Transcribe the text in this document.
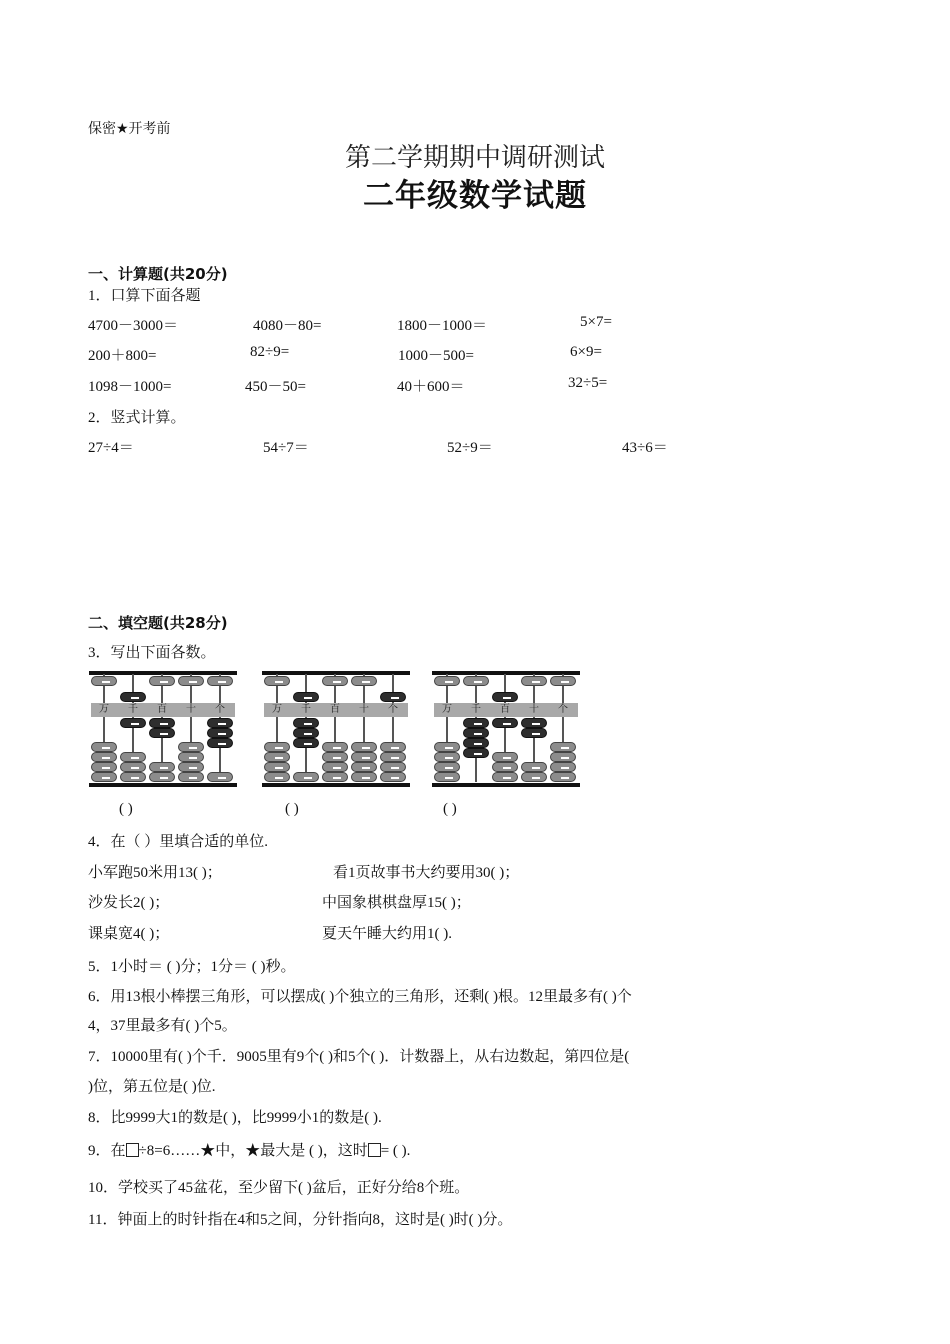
保密★开考前
第二学期期中调研测试
二年级数学试题
一、计算题(共20分)
1．口算下面各题
4700－3000＝	4080－80=	1800－1000＝	5×7=
200＋800=	82÷9=	1000－500=	6×9=
1098－1000=	450－50=	40＋600＝	32÷5=
2．竖式计算。
27÷4＝	54÷7＝	52÷9＝	43÷6＝
二、填空题(共28分)
3．写出下面各数。
万	千	百	十	个	万	千	百	十	个	万	千	百	十	个
( )	( )	( )
4．在（ ）里填合适的单位.
小军跑50米用13( )；	看1页故事书大约要用30( )；
沙发长2( )；	中国象棋棋盘厚15( )；
课桌宽4( )；	夏天午睡大约用1( ).
5．1小时＝ ( )分；1分＝ ( )秒。
6．用13根小棒摆三角形，可以摆成( )个独立的三角形，还剩( )根。12里最多有( )个
4，37里最多有( )个5。
7．10000里有( )个千．9005里有9个( )和5个( )．计数器上，从右边数起，第四位是(
)位，第五位是( )位.
8．比9999大1的数是( )，比9999小1的数是( ).
9．在 ÷8=6……★中，★最大是 ( )，这时 = ( ).
10．学校买了45盆花，至少留下( )盆后，正好分给8个班。
11．钟面上的时针指在4和5之间，分针指向8，这时是( )时( )分。
